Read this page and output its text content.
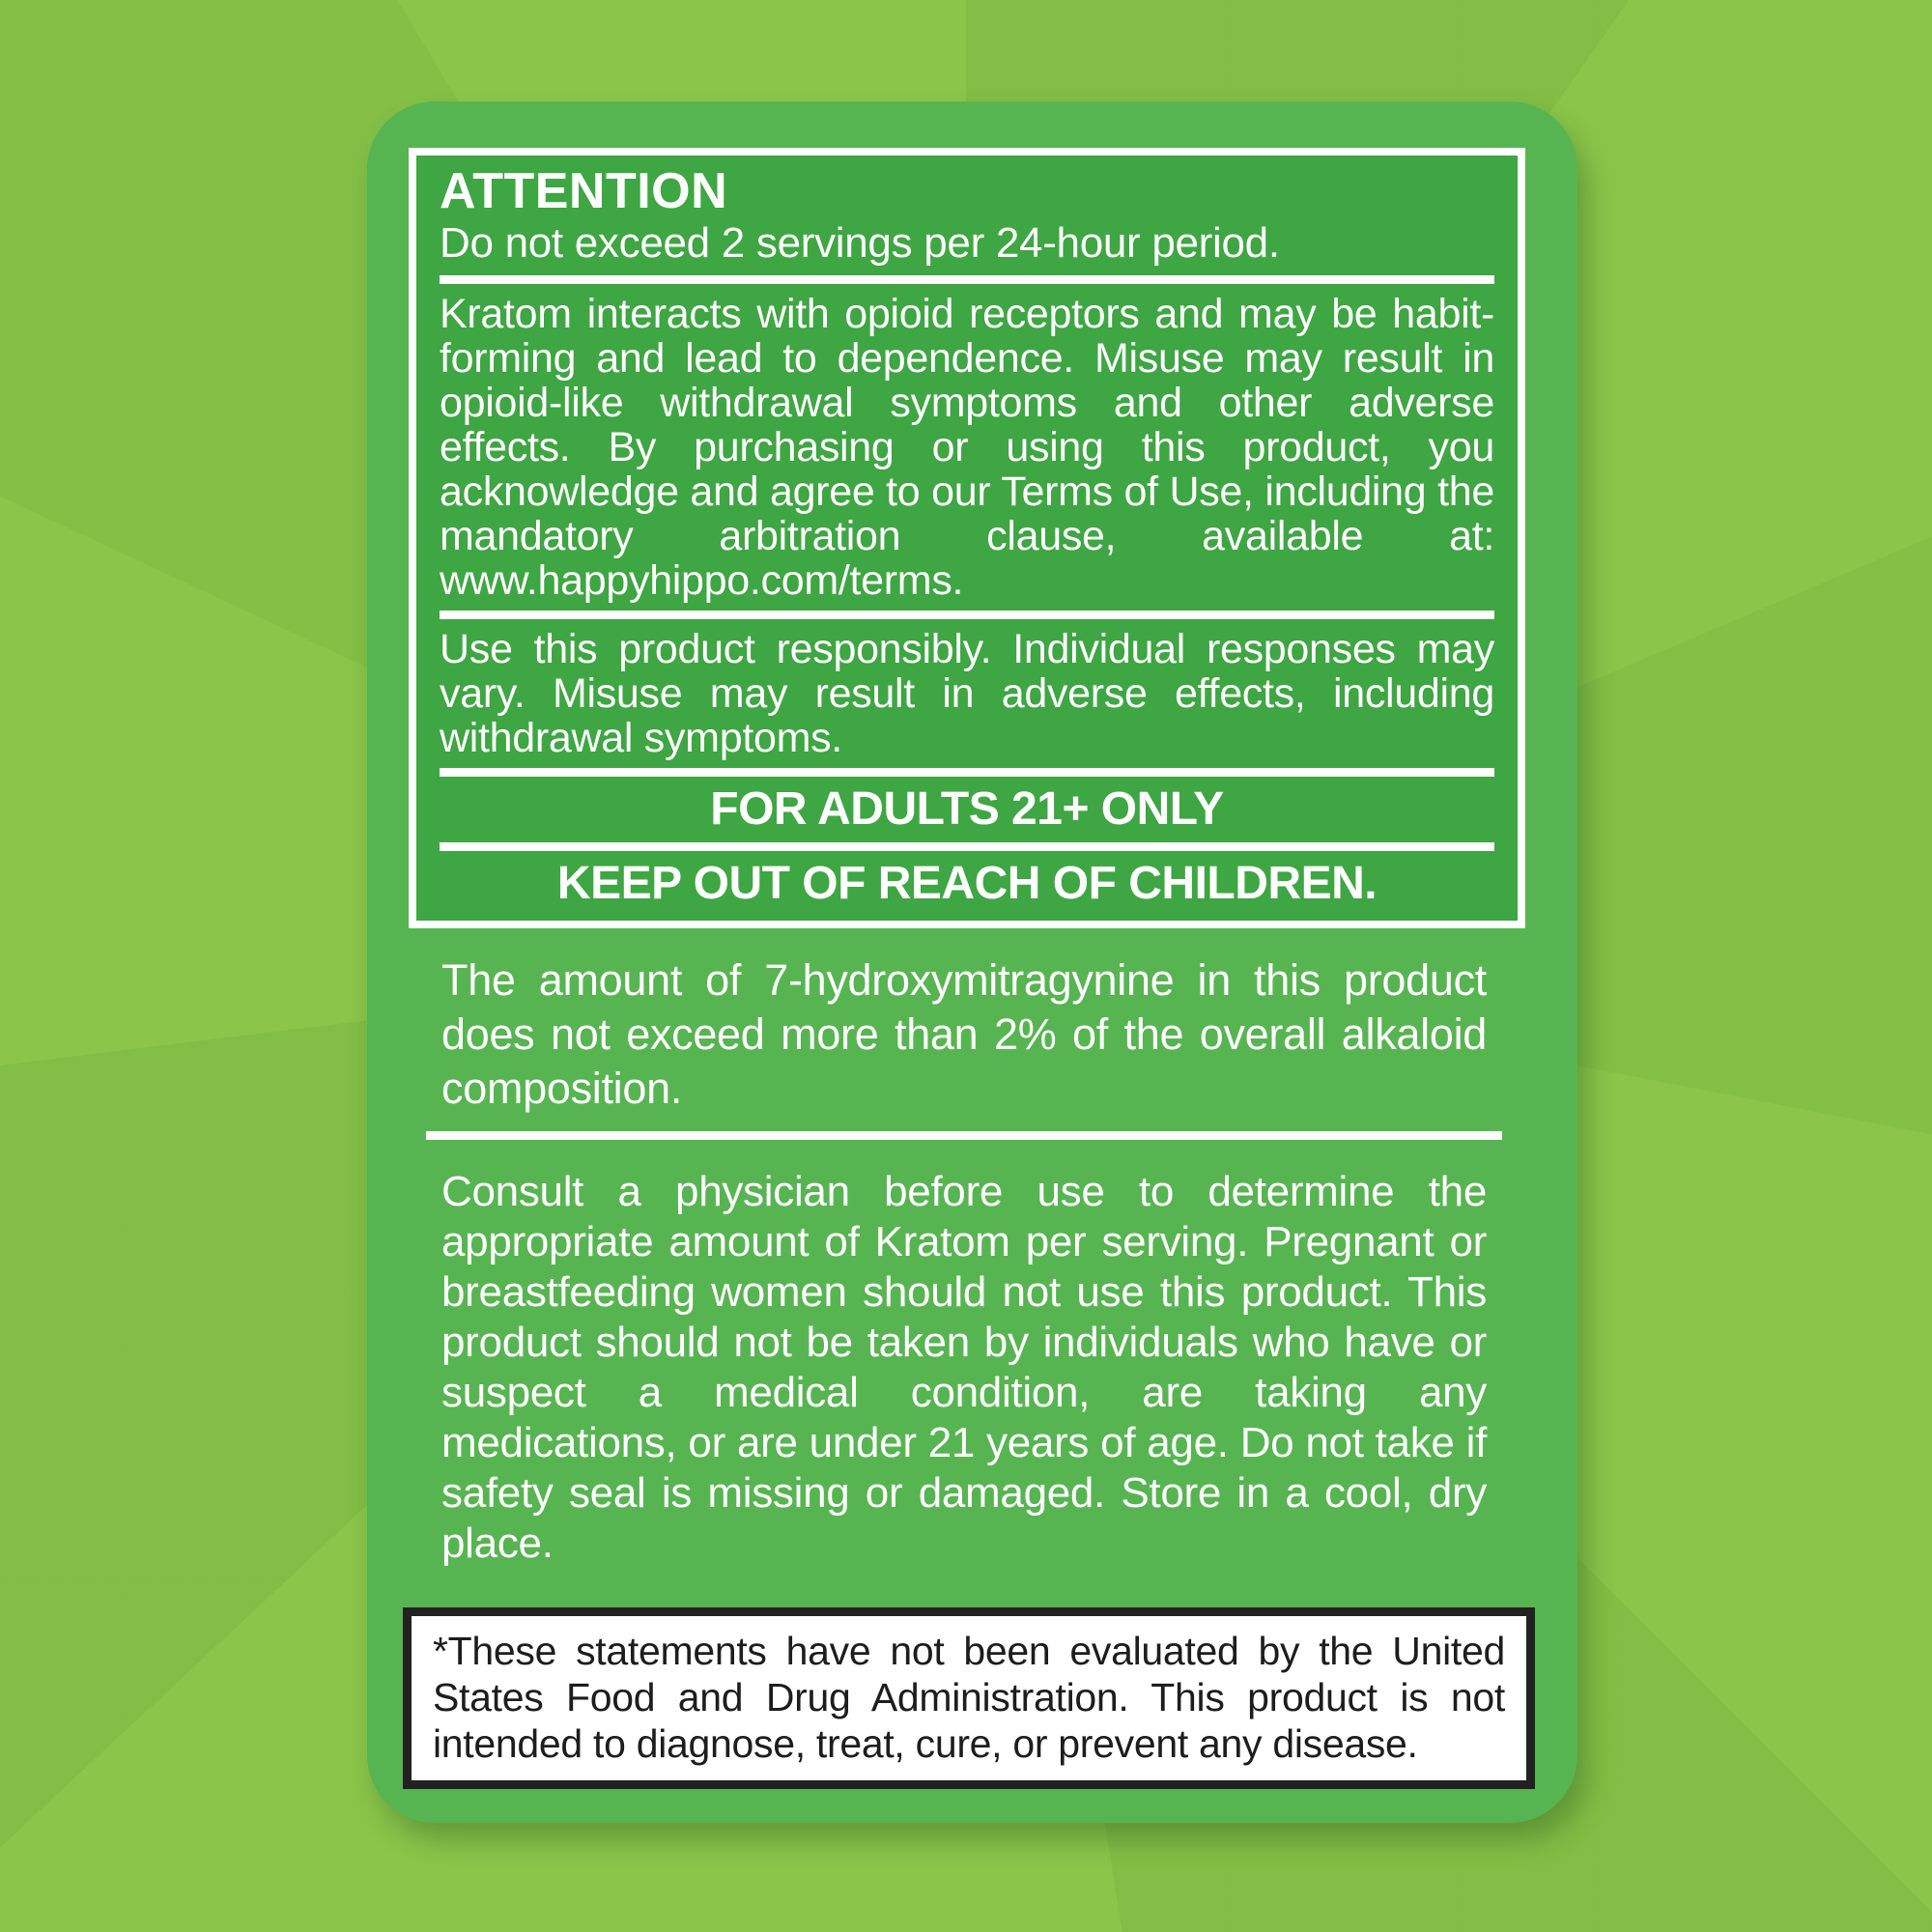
ATTENTION
Do not exceed 2 servings per 24-hour period.

Kratom interacts with opioid receptors and may be habit-forming and lead to dependence. Misuse may result in opioid-like withdrawal symptoms and other adverse effects. By purchasing or using this product, you acknowledge and agree to our Terms of Use, including the mandatory arbitration clause, available at: www.happyhippo.com/terms.

Use this product responsibly. Individual responses may vary. Misuse may result in adverse effects, including withdrawal symptoms.

FOR ADULTS 21+ ONLY
KEEP OUT OF REACH OF CHILDREN.

The amount of 7-hydroxymitragynine in this product does not exceed more than 2% of the overall alkaloid composition.

Consult a physician before use to determine the appropriate amount of Kratom per serving. Pregnant or breastfeeding women should not use this product. This product should not be taken by individuals who have or suspect a medical condition, are taking any medications, or are under 21 years of age. Do not take if safety seal is missing or damaged. Store in a cool, dry place.

*These statements have not been evaluated by the United States Food and Drug Administration. This product is not intended to diagnose, treat, cure, or prevent any disease.
